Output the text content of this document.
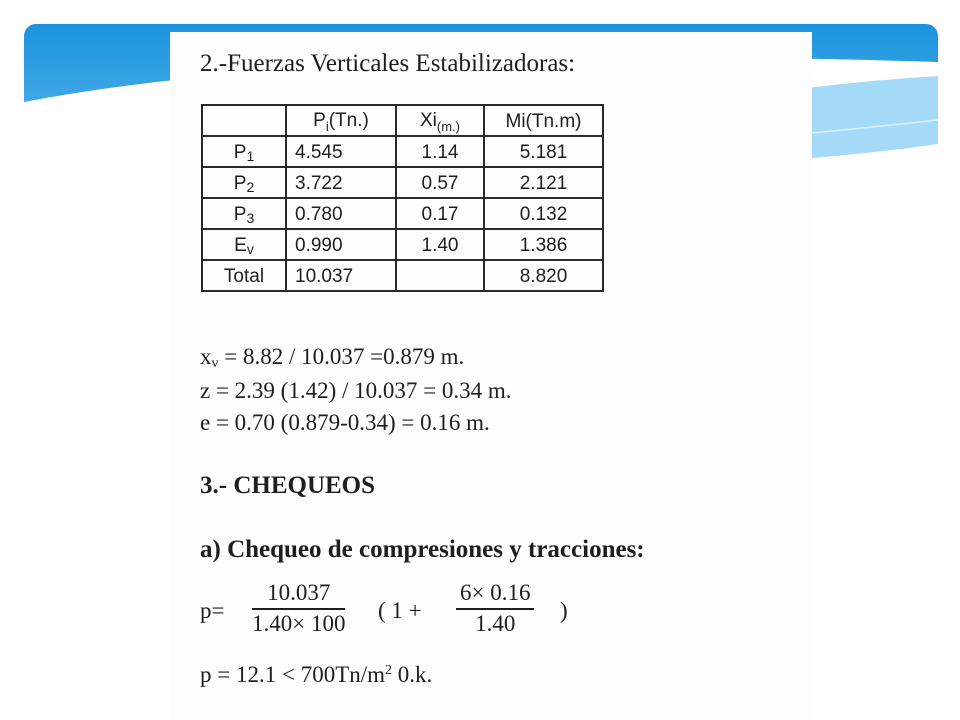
2.-Fuerzas Verticales Estabilizadoras:
	$P_i(Tn.)$	$Xi_{(m.)}$	Mi(Tn.m)
$P_1$	4.545	1.14	5.181
$P_2$	3.722	0.57	2.121
$P_3$	0.780	0.17	0.132
$E_v$	0.990	1.40	1.386
Total	10.037		8.820
$x_v = 8.82 / 10.037 =0.879$ m.
z = 2.39 (1.42) / 10.037 = 0.34 m.
e = 0.70 (0.879-0.34) = 0.16 m.
3.- CHEQUEOS
a) Chequeo de compresiones y tracciones:
$p= \frac{10.037}{1.40\times 100}$ ( $1 + \frac{6\times 0.16}{1.40}$ )
$p = 12.1 < 700Tn/m^2$ 0.k.
